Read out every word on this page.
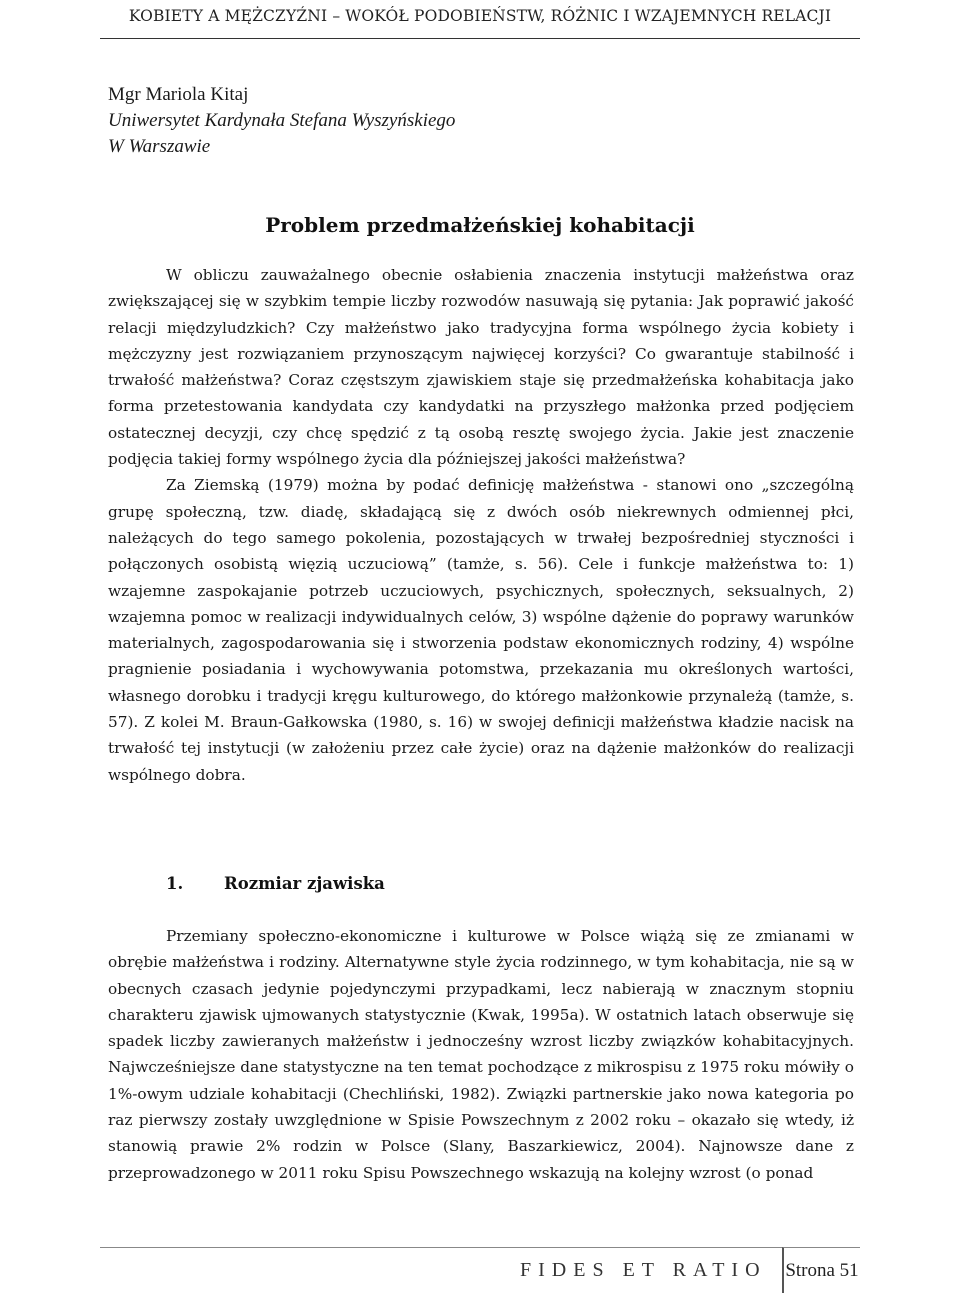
KOBIETY A MĘŻCZYŹNI – WOKÓŁ PODOBIEŃSTW, RÓŻNIC I WZAJEMNYCH RELACJI
Mgr Mariola Kitaj
Uniwersytet Kardynała Stefana Wyszyńskiego
W Warszawie
Problem przedmałżeńskiej kohabitacji

W obliczu zauważalnego obecnie osłabienia znaczenia instytucji małżeństwa oraz zwiększającej się w szybkim tempie liczby rozwodów nasuwają się pytania: Jak poprawić jakość relacji międzyludzkich? Czy małżeństwo jako tradycyjna forma wspólnego życia kobiety i mężczyzny jest rozwiązaniem przynoszącym najwięcej korzyści? Co gwarantuje stabilność i trwałość małżeństwa? Coraz częstszym zjawiskiem staje się przedmałżeńska kohabitacja jako forma przetestowania kandydata czy kandydatki na przyszłego małżonka przed podjęciem ostatecznej decyzji, czy chcę spędzić z tą osobą resztę swojego życia. Jakie jest znaczenie podjęcia takiej formy wspólnego życia dla późniejszej jakości małżeństwa?

Za Ziemską (1979) można by podać definicję małżeństwa - stanowi ono „szczególną grupę społeczną, tzw. diadę, składającą się z dwóch osób niekrewnych odmiennej płci, należących do tego samego pokolenia, pozostających w trwałej bezpośredniej styczności i połączonych osobistą więzią uczuciową” (tamże, s. 56). Cele i funkcje małżeństwa to: 1) wzajemne zaspokajanie potrzeb uczuciowych, psychicznych, społecznych, seksualnych, 2) wzajemna pomoc w realizacji indywidualnych celów, 3) wspólne dążenie do poprawy warunków materialnych, zagospodarowania się i stworzenia podstaw ekonomicznych rodziny, 4) wspólne pragnienie posiadania i wychowywania potomstwa, przekazania mu określonych wartości, własnego dorobku i tradycji kręgu kulturowego, do którego małżonkowie przynależą (tamże, s. 57). Z kolei M. Braun-Gałkowska (1980, s. 16) w swojej definicji małżeństwa kładzie nacisk na trwałość tej instytucji (w założeniu przez całe życie) oraz na dążenie małżonków do realizacji wspólnego dobra.

1. Rozmiar zjawiska

Przemiany społeczno-ekonomiczne i kulturowe w Polsce wiążą się ze zmianami w obrębie małżeństwa i rodziny. Alternatywne style życia rodzinnego, w tym kohabitacja, nie są w obecnych czasach jedynie pojedynczymi przypadkami, lecz nabierają w znacznym stopniu charakteru zjawisk ujmowanych statystycznie (Kwak, 1995a). W ostatnich latach obserwuje się spadek liczby zawieranych małżeństw i jednocześny wzrost liczby związków kohabitacyjnych. Najwcześniejsze dane statystyczne na ten temat pochodzące z mikrospisu z 1975 roku mówiły o 1%-owym udziale kohabitacji (Chechliński, 1982). Związki partnerskie jako nowa kategoria po raz pierwszy zostały uwzględnione w Spisie Powszechnym z 2002 roku – okazało się wtedy, iż stanowią prawie 2% rodzin w Polsce (Slany, Baszarkiewicz, 2004). Najnowsze dane z przeprowadzonego w 2011 roku Spisu Powszechnego wskazują na kolejny wzrost (o ponad

FIDES ET RATIO Strona 51
